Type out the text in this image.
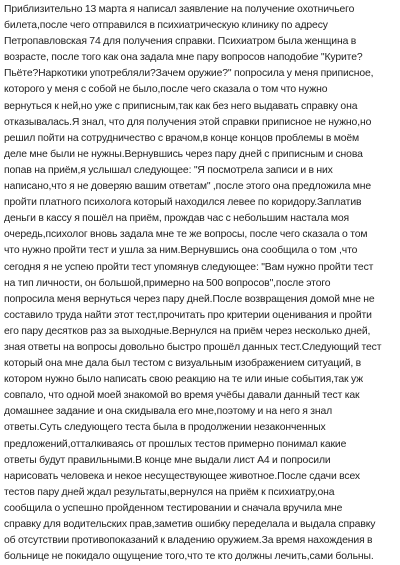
Приблизительно 13 марта я написал заявление на получение охотничьего
билета,после чего отправился в психиатрическую клинику по адресу
Петропавловская 74 для получения справки. Психиатром была женщина в
возрасте, после того как она задала мне пару вопросов наподобие "Курите?
Пьёте?Наркотики употребляли?Зачем оружие?" попросила у меня приписное,
которого у меня с собой не было,после чего сказала о том что нужно
вернуться к ней,но уже с приписным,так как без него выдавать справку она
отказывалась.Я знал, что для получения этой справки приписное не нужно,но
решил пойти на сотрудничество с врачом,в конце концов проблемы в моём
деле мне были не нужны.Вернувшись через пару дней с приписным и снова
попав на приём,я услышал следующее: "Я посмотрела записи и в них
написано,что я не доверяю вашим ответам" ,после этого она предложила мне
пройти платного психолога который находился левее по коридору.Заплатив
деньги в кассу я пошёл на приём, прождав час с небольшим настала моя
очередь,психолог вновь задала мне те же вопросы, после чего сказала о том
что нужно пройти тест и ушла за ним.Вернувшись она сообщила о том ,что
сегодня я не успею пройти тест упомянув следующее: "Вам нужно пройти тест
на тип личности, он большой,примерно на 500 вопросов",после этого
попросила меня вернуться через пару дней.После возвращения домой мне не
составило труда найти этот тест,прочитать про критерии оценивания и пройти
его пару десятков раз за выходные.Вернулся на приём через несколько дней,
зная ответы на вопросы довольно быстро прошёл данных тест.Следующий тест
который она мне дала был тестом с визуальным изображением ситуаций, в
котором нужно было написать свою реакцию на те или иные события,так уж
совпало, что одной моей знакомой во время учёбы давали данный тест как
домашнее задание и она скидывала его мне,поэтому и на него я знал
ответы.Суть следующего теста была в продолжении незаконченных
предложений,отталкиваясь от прошлых тестов примерно понимал какие
ответы будут правильными.В конце мне выдали лист А4 и попросили
нарисовать человека и некое несуществующее животное.После сдачи всех
тестов пару дней ждал результаты,вернулся на приём к психиатру,она
сообщила о успешно пройденном тестировании и сначала вручила мне
справку для водительских прав,заметив ошибку переделала и выдала справку
об отсутствии противопоказаний к владению оружием.За время нахождения в
больнице не покидало ощущение того,что те кто должны лечить,сами больны.
